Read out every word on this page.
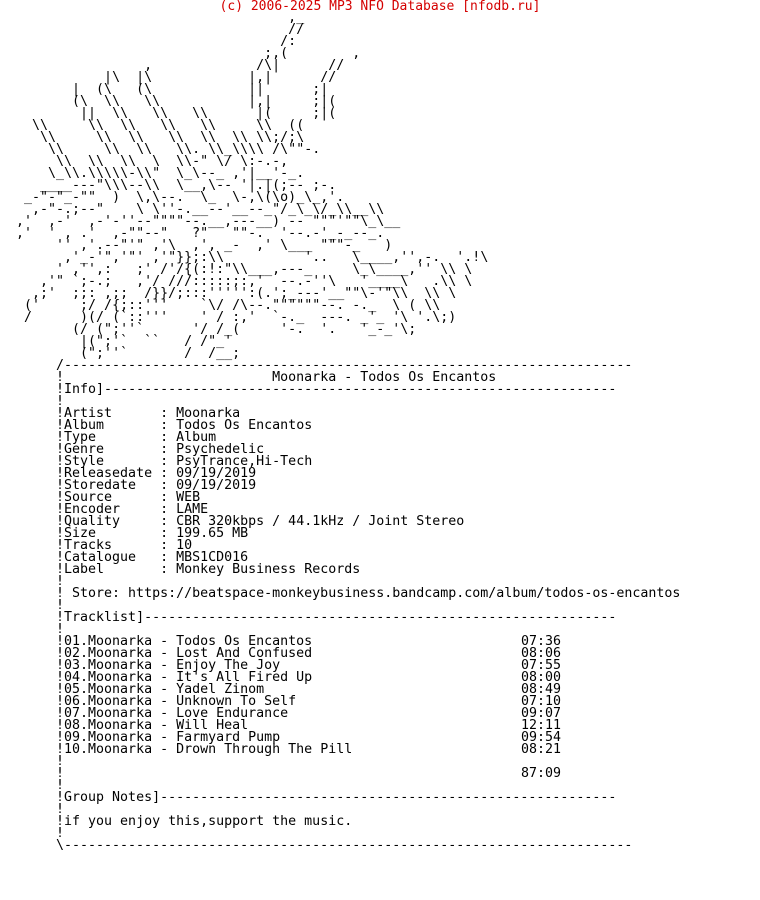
(c) 2006-2025 MP3 NFO Database [nfodb.ru]
,_
//
/:
;,(        ,
,             /\|      //
|\  |\            |,|      //
|  (\   (\            ||      ;|
(\  \\   \\           |,|     ;|(
||  \\   \\   \\      |(     ;|(
\\     \\  \\   \\   \\     \\  ((
\\     \\  \\   \\  \\  \\ \\;/;\
\\     \\  \\   \\. \\_\\\\ /\""-.
\\  \\  \\  \  \\-" \/ \:-.-,
\_\\.\\\\\-\\"  \_\--_ ,'|__'-_.
____---"\\\--\\  \__,\-- '|.|(;-- ;-.
_-"-"_-""  )  \,\--.  \_  \-,\(\o)_\_,'.
,-"-.;--"    \ \''-.__--'__--_"/_\_\/_\\__\\
,'  ,-'  ,-'-''--""""--.__,---__) -- """'""\_\__
,'  ' , .'  ,-""--"   ?"   ""-.  '--.-'_-_--_.
'' ,'.--"'" ,'\  ,', _-  ,' \___ """-_   )
,'_-'",'"' ,'"}};:\\          '..   \____,'',-.  '.!\
' ,'',:   ;' /'/{(:!:"\\___,---_     \_\____,'' \\ \
,'" `;-.;   ,'/ ///:::::;:,'  --.-''\   '____\   .\\ \
,;'  ;;: ,;;  /}}/;:::''''':(.';_---'__""\-'"\\  \\ \
('     ;/ /{;::'''    `\/ /\--.""""""--. -._  \ ( \\
/      )(/ (`::'''    ' / :,'  `-._  ---. _'_ '\ '.\;)
(/ (";''`      '/ /_(     '-.  '.   '_-_'\;
|(";'`  ``   / /"_'
(";''`       /  /__;
/-----------------------------------------------------------------------
!                          Moonarka - Todos Os Encantos
!Info]----------------------------------------------------------------
!
!Artist      : Moonarka
!Album       : Todos Os Encantos
!Type        : Album
!Genre       : Psychedelic
!Style       : PsyTrance,Hi-Tech
!Releasedate : 09/19/2019
!Storedate   : 09/19/2019
!Source      : WEB
!Encoder     : LAME
!Quality     : CBR 320kbps / 44.1kHz / Joint Stereo
!Size        : 199.65 MB
!Tracks      : 10
!Catalogue   : MBS1CD016
!Label       : Monkey Business Records
!
! Store: https://beatspace-monkeybusiness.bandcamp.com/album/todos-os-encantos
!
!Tracklist]-----------------------------------------------------------
!
!01.Moonarka - Todos Os Encantos	07:36
!02.Moonarka - Lost And Confused	08:06
!03.Moonarka - Enjoy The Joy	07:55
!04.Moonarka - It's All Fired Up	08:00
!05.Moonarka - Yadel Zinom	08:49
!06.Moonarka - Unknown To Self	07:10
!07.Moonarka - Love Endurance	09:07
!08.Moonarka - Will Heal	12:11
!09.Moonarka - Farmyard Pump	09:54
!10.Moonarka - Drown Through The Pill	08:21
!
!	87:09
!
!Group Notes]---------------------------------------------------------
!
!if you enjoy this,support the music.
!
\-----------------------------------------------------------------------
